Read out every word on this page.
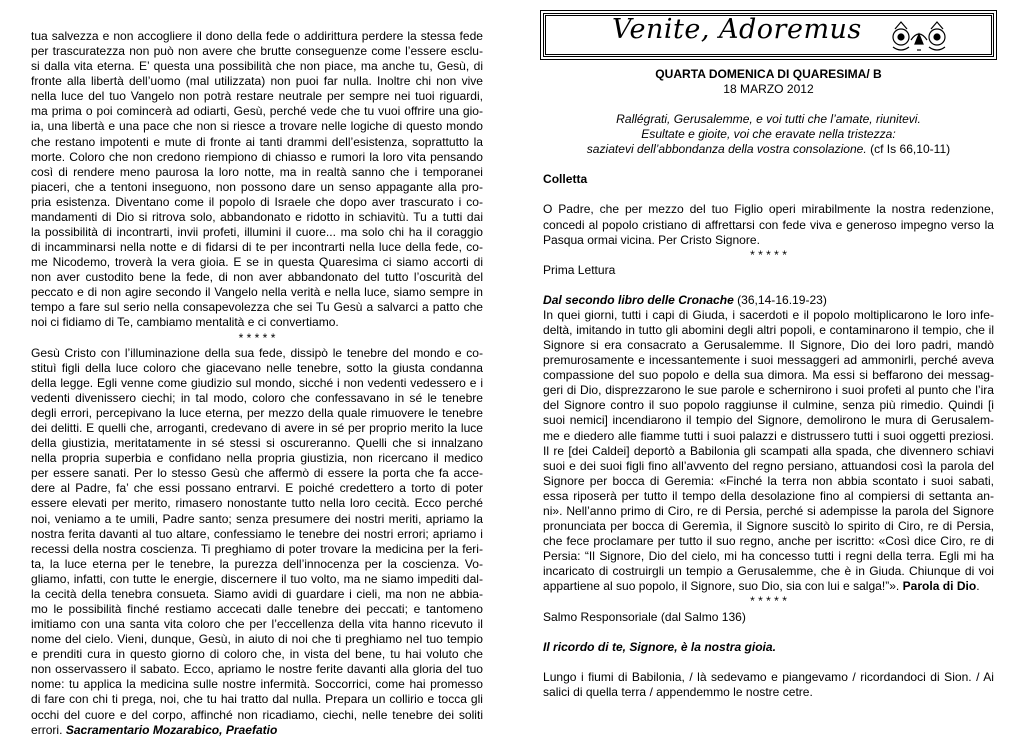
tua salvezza e non accogliere il dono della fede o addirittura perdere la stessa fede

per trascuratezza non può non avere che brutte conseguenze come l’essere esclu-

si dalla vita eterna. E’ questa una possibilità che non piace, ma anche tu, Gesù, di

fronte alla libertà dell’uomo (mal utilizzata) non puoi far nulla. Inoltre chi non vive

nella luce del tuo Vangelo non potrà restare neutrale per sempre nei tuoi riguardi,

ma prima o poi comincerà ad odiarti, Gesù, perché vede che tu vuoi offrire una gio-

ia, una libertà e una pace che non si riesce a trovare nelle logiche di questo mondo

che restano impotenti e mute di fronte ai tanti drammi dell’esistenza, soprattutto la

morte. Coloro che non credono riempiono di chiasso e rumori la loro vita pensando

così di rendere meno paurosa la loro notte, ma in realtà sanno che i temporanei

piaceri, che a tentoni inseguono, non possono dare un senso appagante alla pro-

pria esistenza. Diventano come il popolo di Israele che dopo aver trascurato i co-

mandamenti di Dio si ritrova solo, abbandonato e ridotto in schiavitù. Tu a tutti dai

la possibilità di incontrarti, invii profeti, illumini il cuore... ma solo chi ha il coraggio

di incamminarsi nella notte e di fidarsi di te per incontrarti nella luce della fede, co-

me Nicodemo, troverà la vera gioia. E se in questa Quaresima ci siamo accorti di

non aver custodito bene la fede, di non aver abbandonato del tutto l’oscurità del

peccato e di non agire secondo il Vangelo nella verità e nella luce, siamo sempre in

tempo a fare sul serio nella consapevolezza che sei Tu Gesù a salvarci a patto che

noi ci fidiamo di Te, cambiamo mentalità e ci convertiamo.

* * * * *

Gesù Cristo con l’illuminazione della sua fede, dissipò le tenebre del mondo e co-

stituì figli della luce coloro che giacevano nelle tenebre, sotto la giusta condanna

della legge. Egli venne come giudizio sul mondo, sicché i non vedenti vedessero e i

vedenti divenissero ciechi; in tal modo, coloro che confessavano in sé le tenebre

degli errori, percepivano la luce eterna, per mezzo della quale rimuovere le tenebre

dei delitti. E quelli che, arroganti, credevano di avere in sé per proprio merito la luce

della giustizia, meritatamente in sé stessi si oscureranno. Quelli che si innalzano

nella propria superbia e confidano nella propria giustizia, non ricercano il medico

per essere sanati. Per lo stesso Gesù che affermò di essere la porta che fa acce-

dere al Padre, fa’ che essi possano entrarvi. E poiché credettero a torto di poter

essere elevati per merito, rimasero nonostante tutto nella loro cecità. Ecco perché

noi, veniamo a te umili, Padre santo; senza presumere dei nostri meriti, apriamo la

nostra ferita davanti al tuo altare, confessiamo le tenebre dei nostri errori; apriamo i

recessi della nostra coscienza. Ti preghiamo di poter trovare la medicina per la feri-

ta, la luce eterna per le tenebre, la purezza dell’innocenza per la coscienza. Vo-

gliamo, infatti, con tutte le energie, discernere il tuo volto, ma ne siamo impediti dal-

la cecità della tenebra consueta. Siamo avidi di guardare i cieli, ma non ne abbia-

mo le possibilità finché restiamo accecati dalle tenebre dei peccati; e tantomeno

imitiamo con una santa vita coloro che per l’eccellenza della vita hanno ricevuto il

nome del cielo. Vieni, dunque, Gesù, in aiuto di noi che ti preghiamo nel tuo tempio

e prenditi cura in questo giorno di coloro che, in vista del bene, tu hai voluto che

non osservassero il sabato. Ecco, apriamo le nostre ferite davanti alla gloria del tuo

nome: tu applica la medicina sulle nostre infermità. Soccorrici, come hai promesso

di fare con chi ti prega, noi, che tu hai tratto dal nulla. Prepara un collirio e tocca gli

occhi del cuore e del corpo, affinché non ricadiamo, ciechi, nelle tenebre dei soliti

errori. Sacramentario Mozarabico, Praefatio

Venite, Adoremus

QUARTA DOMENICA DI QUARESIMA/ B

18 MARZO 2012

Rallégrati, Gerusalemme, e voi tutti che l’amate, riunitevi.

Esultate e gioite, voi che eravate nella tristezza:

saziatevi dell’abbondanza della vostra consolazione. (cf Is 66,10-11)

Colletta

O Padre, che per mezzo del tuo Figlio operi mirabilmente la nostra redenzione,

concedi al popolo cristiano di affrettarsi con fede viva e generoso impegno verso la

Pasqua ormai vicina. Per Cristo Signore.

* * * * *

Prima Lettura

Dal secondo libro delle Cronache (36,14-16.19-23)

In quei giorni, tutti i capi di Giuda, i sacerdoti e il popolo moltiplicarono le loro infe-

deltà, imitando in tutto gli abomini degli altri popoli, e contaminarono il tempio, che il

Signore si era consacrato a Gerusalemme. Il Signore, Dio dei loro padri, mandò

premurosamente e incessantemente i suoi messaggeri ad ammonirli, perché aveva

compassione del suo popolo e della sua dimora. Ma essi si beffarono dei messag-

geri di Dio, disprezzarono le sue parole e schernirono i suoi profeti al punto che l’ira

del Signore contro il suo popolo raggiunse il culmine, senza più rimedio. Quindi [i

suoi nemici] incendiarono il tempio del Signore, demolirono le mura di Gerusalem-

me e diedero alle fiamme tutti i suoi palazzi e distrussero tutti i suoi oggetti preziosi.

Il re [dei Caldei] deportò a Babilonia gli scampati alla spada, che divennero schiavi

suoi e dei suoi figli fino all’avvento del regno persiano, attuandosi così la parola del

Signore per bocca di Geremia: «Finché la terra non abbia scontato i suoi sabati,

essa riposerà per tutto il tempo della desolazione fino al compiersi di settanta an-

ni». Nell’anno primo di Ciro, re di Persia, perché si adempisse la parola del Signore

pronunciata per bocca di Geremìa, il Signore suscitò lo spirito di Ciro, re di Persia,

che fece proclamare per tutto il suo regno, anche per iscritto: «Così dice Ciro, re di

Persia: “Il Signore, Dio del cielo, mi ha concesso tutti i regni della terra. Egli mi ha

incaricato di costruirgli un tempio a Gerusalemme, che è in Giuda. Chiunque di voi

appartiene al suo popolo, il Signore, suo Dio, sia con lui e salga!”». Parola di Dio.

* * * * *

Salmo Responsoriale (dal Salmo 136)

Il ricordo di te, Signore, è la nostra gioia.

Lungo i fiumi di Babilonia, / là sedevamo e piangevamo / ricordandoci di Sion. / Ai

salici di quella terra / appendemmo le nostre cetre.
